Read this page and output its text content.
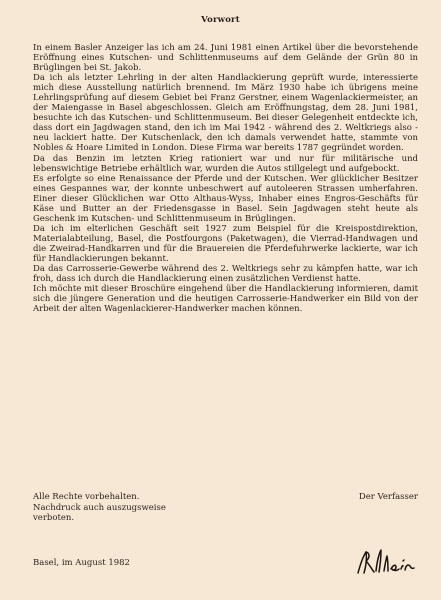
Vorwort

In einem Basler Anzeiger las ich am 24. Juni 1981 einen Artikel über die bevorstehende Eröffnung eines Kutschen- und Schlittenmuseums auf dem Gelände der Grün 80 in Brüglingen bei St. Jakob.

Da ich als letzter Lehrling in der alten Handlackierung geprüft wurde, interessierte mich diese Ausstellung natürlich brennend. Im März 1930 habe ich übrigens meine Lehrlingsprüfung auf diesem Gebiet bei Franz Gerstner, einem Wagenlackiermeister, an der Maiengasse in Basel abgeschlossen. Gleich am Eröffnungstag, dem 28. Juni 1981, besuchte ich das Kutschen- und Schlittenmuseum. Bei dieser Gelegenheit entdeckte ich, dass dort ein Jagdwagen stand, den ich im Mai 1942 - während des 2. Weltkriegs also - neu lackiert hatte. Der Kutschenlack, den ich damals verwendet hatte, stammte von Nobles & Hoare Limited in London. Diese Firma war bereits 1787 gegründet worden.

Da das Benzin im letzten Krieg rationiert war und nur für militärische und lebenswichtige Betriebe erhältlich war, wurden die Autos stillgelegt und aufgebockt.

Es erfolgte so eine Renaissance der Pferde und der Kutschen. Wer glücklicher Besitzer eines Gespannes war, der konnte unbeschwert auf autoleeren Strassen umherfahren. Einer dieser Glücklichen war Otto Althaus-Wyss, Inhaber eines Engros-Geschäfts für Käse und Butter an der Friedensgasse in Basel. Sein Jagdwagen steht heute als Geschenk im Kutschen- und Schlittenmuseum in Brüglingen.

Da ich im elterlichen Geschäft seit 1927 zum Beispiel für die Kreispostdirektion, Materialabteilung, Basel, die Postfourgons (Paketwagen), die Vierrad-Handwagen und die Zweirad-Handkarren und für die Brauereien die Pferdefuhrwerke lackierte, war ich für Handlackierungen bekannt.

Da das Carrosserie-Gewerbe während des 2. Weltkriegs sehr zu kämpfen hatte, war ich froh, dass ich durch die Handlackierung einen zusätzlichen Verdienst hatte.

Ich möchte mit dieser Broschüre eingehend über die Handlackierung informieren, damit sich die jüngere Generation und die heutigen Carrosserie-Handwerker ein Bild von der Arbeit der alten Wagenlackierer-Handwerker machen können.

Alle Rechte vorbehalten.
Nachdruck auch auszugsweise
verboten.
Der Verfasser
Basel, im August 1982
